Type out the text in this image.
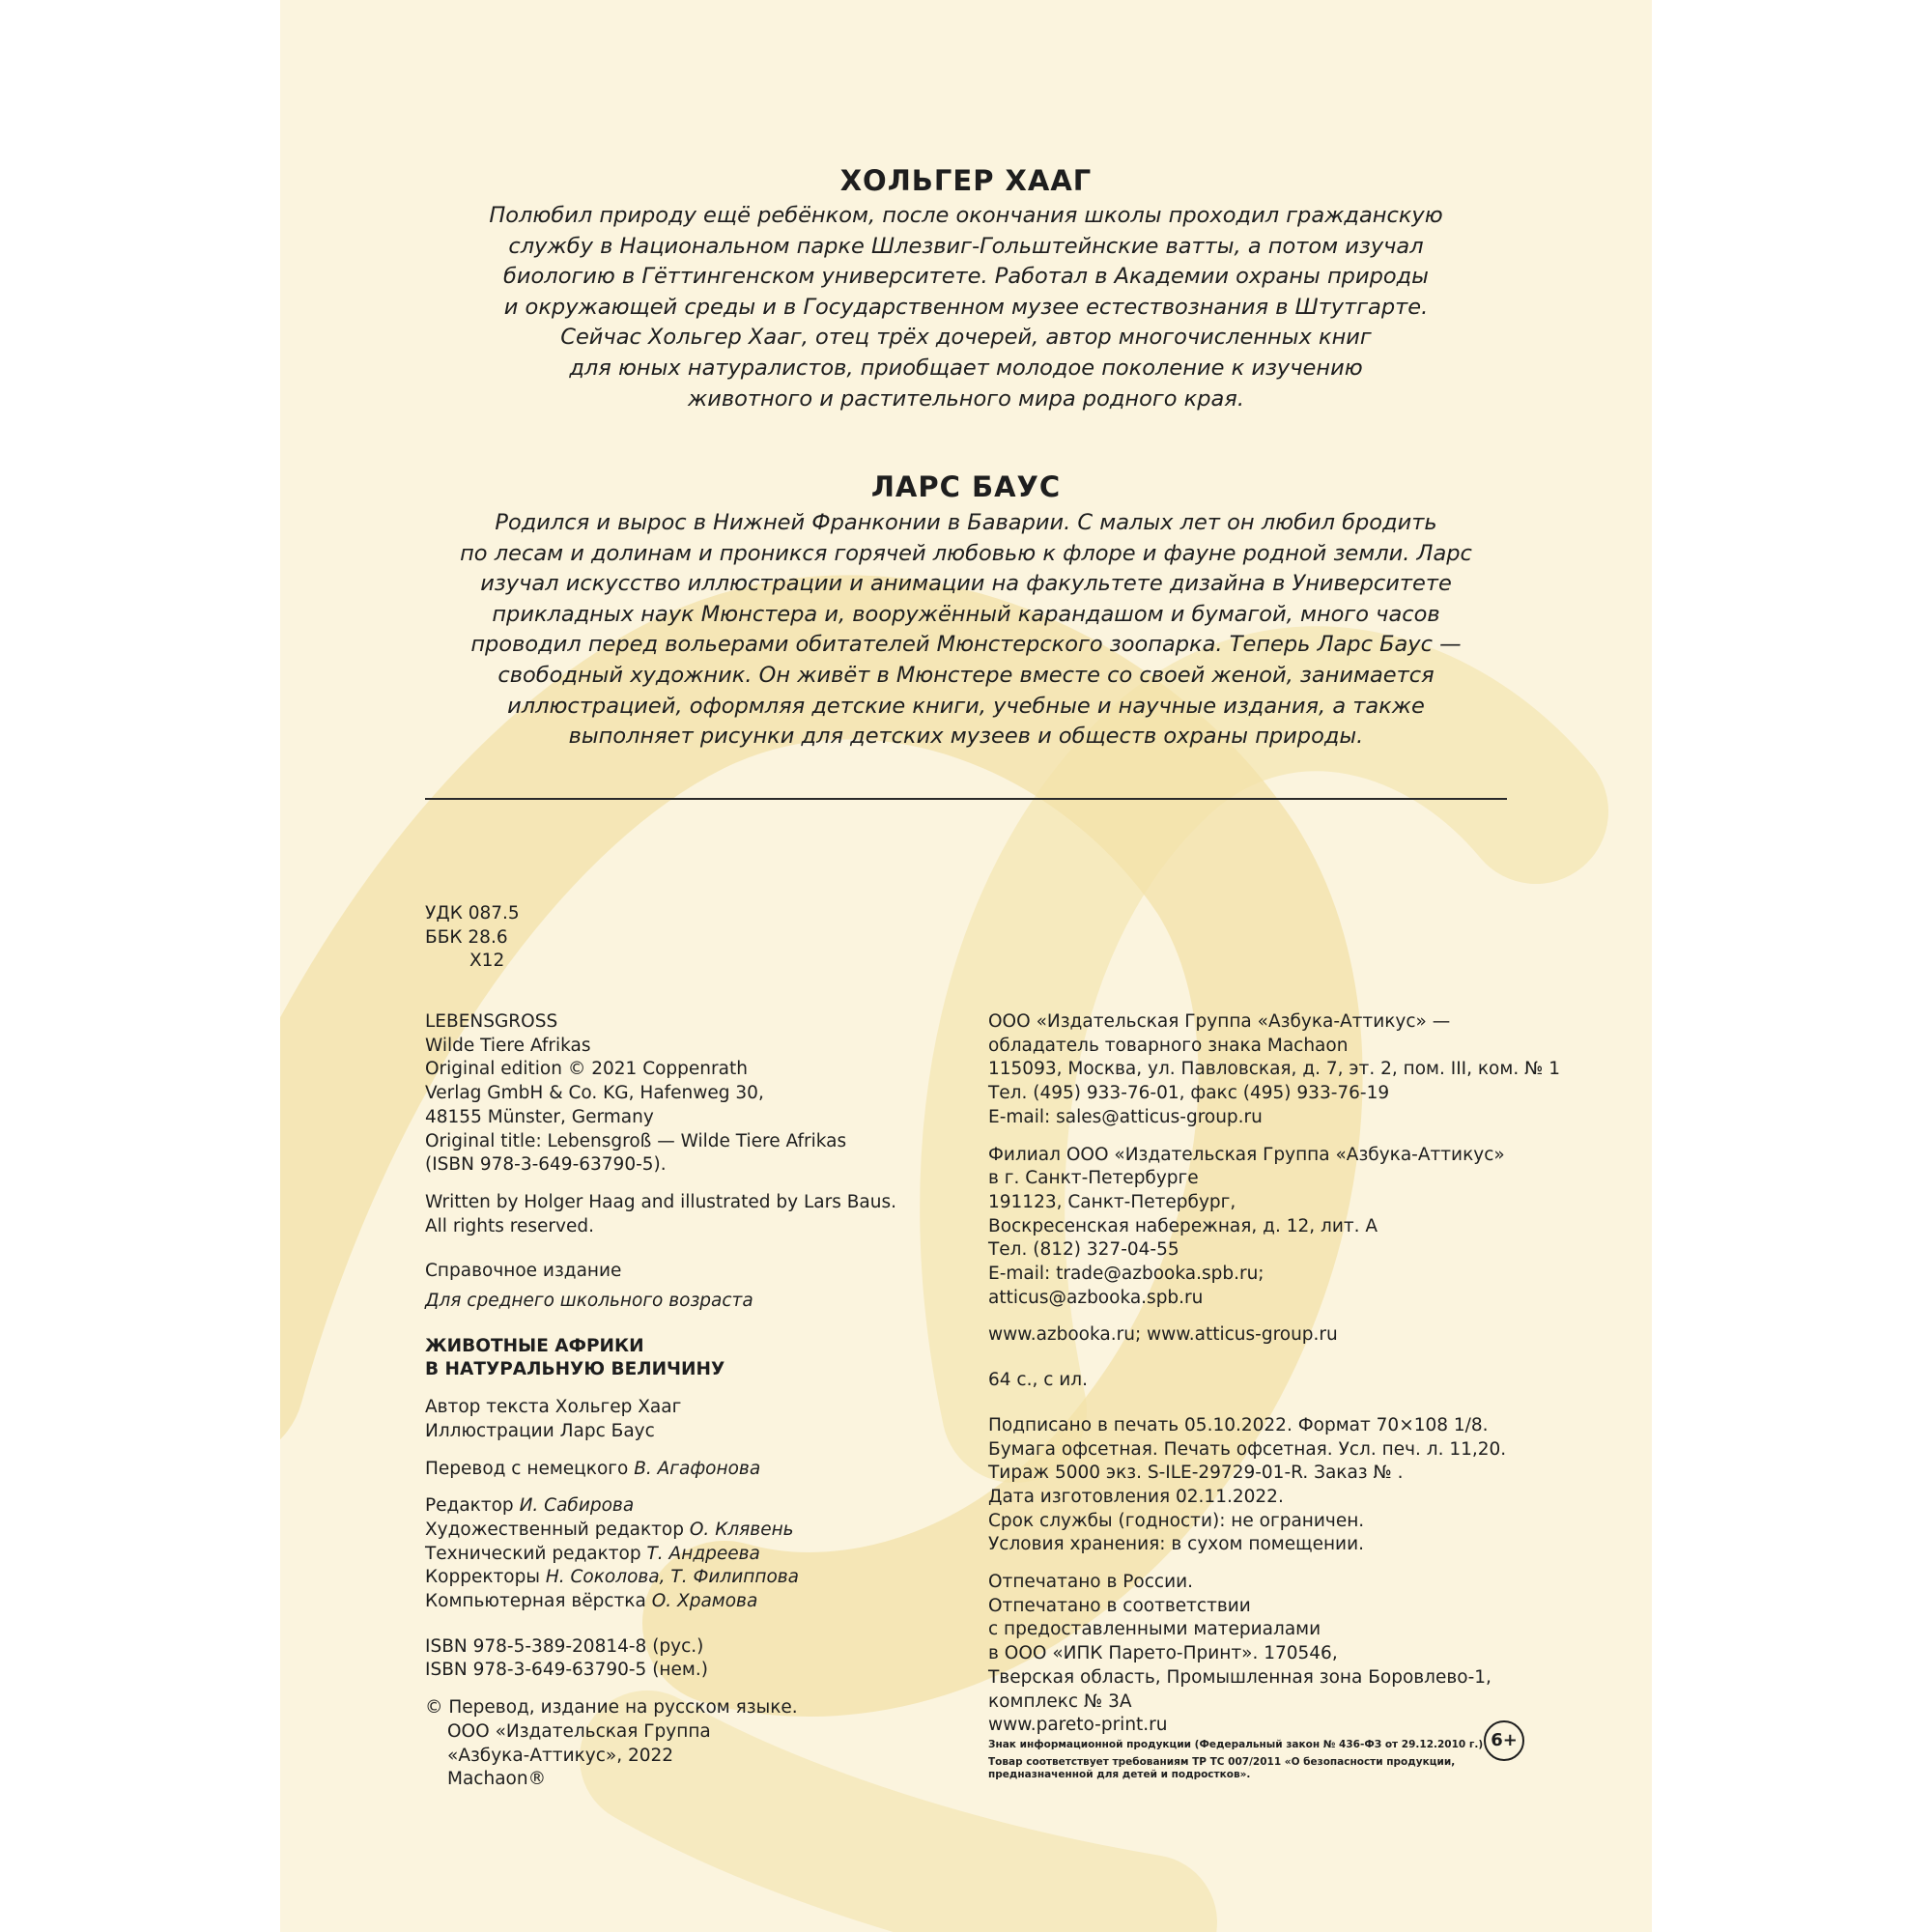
ХОЛЬГЕР ХААГ
Полюбил природу ещё ребёнком, после окончания школы проходил гражданскую
службу в Национальном парке Шлезвиг-Гольштейнские ватты, а потом изучал
биологию в Гёттингенском университете. Работал в Академии охраны природы
и окружающей среды и в Государственном музее естествознания в Штутгарте.
Сейчас Хольгер Хааг, отец трёх дочерей, автор многочисленных книг
для юных натуралистов, приобщает молодое поколение к изучению
животного и растительного мира родного края.
ЛАРС БАУС
Родился и вырос в Нижней Франконии в Баварии. С малых лет он любил бродить
по лесам и долинам и проникся горячей любовью к флоре и фауне родной земли. Ларс
изучал искусство иллюстрации и анимации на факультете дизайна в Университете
прикладных наук Мюнстера и, вооружённый карандашом и бумагой, много часов
проводил перед вольерами обитателей Мюнстерского зоопарка. Теперь Ларс Баус —
свободный художник. Он живёт в Мюнстере вместе со своей женой, занимается
иллюстрацией, оформляя детские книги, учебные и научные издания, а также
выполняет рисунки для детских музеев и обществ охраны природы.
УДК 087.5
ББК 28.6
Х12
LEBENSGROSS
Wilde Tiere Afrikas
Original edition © 2021 Coppenrath
Verlag GmbH & Co. KG, Hafenweg 30,
48155 Münster, Germany
Original title: Lebensgroß — Wilde Tiere Afrikas
(ISBN 978-3-649-63790-5).
Written by Holger Haag and illustrated by Lars Baus.
All rights reserved.
Справочное издание
Для среднего школьного возраста
ЖИВОТНЫЕ АФРИКИ
В НАТУРАЛЬНУЮ ВЕЛИЧИНУ
Автор текста Хольгер Хааг
Иллюстрации Ларс Баус
Перевод с немецкого В. Агафонова
Редактор И. Сабирова
Художественный редактор О. Клявень
Технический редактор Т. Андреева
Корректоры Н. Соколова, Т. Филиппова
Компьютерная вёрстка О. Храмова
ISBN 978-5-389-20814-8 (рус.)
ISBN 978-3-649-63790-5 (нем.)
© Перевод, издание на русском языке.
ООО «Издательская Группа
«Азбука-Аттикус», 2022
Machaon®
ООО «Издательская Группа «Азбука-Аттикус» —
обладатель товарного знака Machaon
115093, Москва, ул. Павловская, д. 7, эт. 2, пом. III, ком. № 1
Тел. (495) 933-76-01, факс (495) 933-76-19
E-mail: sales@atticus-group.ru
Филиал ООО «Издательская Группа «Азбука-Аттикус»
в г. Санкт-Петербурге
191123, Санкт-Петербург,
Воскресенская набережная, д. 12, лит. А
Тел. (812) 327-04-55
E-mail: trade@azbooka.spb.ru;
atticus@azbooka.spb.ru
www.azbooka.ru; www.atticus-group.ru
64 с., с ил.
Подписано в печать 05.10.2022. Формат 70×108 1/8.
Бумага офсетная. Печать офсетная. Усл. печ. л. 11,20.
Тираж 5000 экз. S-ILE-29729-01-R. Заказ № .
Дата изготовления 02.11.2022.
Срок службы (годности): не ограничен.
Условия хранения: в сухом помещении.
Отпечатано в России.
Отпечатано в соответствии
с предоставленными материалами
в ООО «ИПК Парето-Принт». 170546,
Тверская область, Промышленная зона Боровлево-1,
комплекс № 3А
www.pareto-print.ru
Знак информационной продукции (Федеральный закон № 436-ФЗ от 29.12.2010 г.)
Товар соответствует требованиям ТР ТС 007/2011 «О безопасности продукции,
предназначенной для детей и подростков».
6+
